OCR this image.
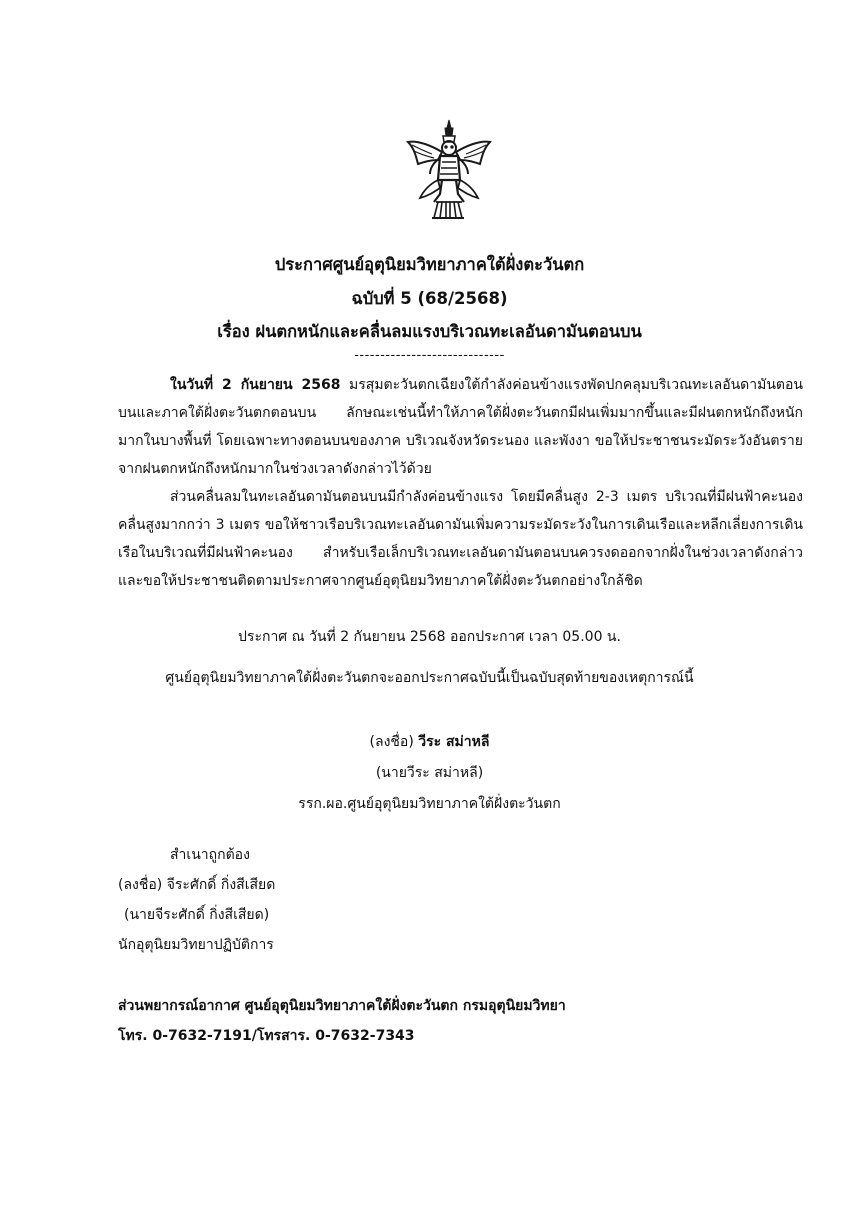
ประกาศศูนย์อุตุนิยมวิทยาภาคใต้ฝั่งตะวันตก
ฉบับที่ 5 (68/2568)
เรื่อง ฝนตกหนักและคลื่นลมแรงบริเวณทะเลอันดามันตอนบน
-----------------------------

ในวันที่ 2 กันยายน 2568 มรสุมตะวันตกเฉียงใต้กำลังค่อนข้างแรงพัดปกคลุมบริเวณทะเลอันดามันตอนบนและภาคใต้ฝั่งตะวันตกตอนบน ลักษณะเช่นนี้ทำให้ภาคใต้ฝั่งตะวันตกมีฝนเพิ่มมากขึ้นและมีฝนตกหนักถึงหนักมากในบางพื้นที่ โดยเฉพาะทางตอนบนของภาค บริเวณจังหวัดระนอง และพังงา ขอให้ประชาชนระมัดระวังอันตรายจากฝนตกหนักถึงหนักมากในช่วงเวลาดังกล่าวไว้ด้วย

ส่วนคลื่นลมในทะเลอันดามันตอนบนมีกำลังค่อนข้างแรง โดยมีคลื่นสูง 2-3 เมตร บริเวณที่มีฝนฟ้าคะนองคลื่นสูงมากกว่า 3 เมตร ขอให้ชาวเรือบริเวณทะเลอันดามันเพิ่มความระมัดระวังในการเดินเรือและหลีกเลี่ยงการเดินเรือในบริเวณที่มีฝนฟ้าคะนอง สำหรับเรือเล็กบริเวณทะเลอันดามันตอนบนควรงดออกจากฝั่งในช่วงเวลาดังกล่าว และขอให้ประชาชนติดตามประกาศจากศูนย์อุตุนิยมวิทยาภาคใต้ฝั่งตะวันตกอย่างใกล้ชิด

ประกาศ ณ วันที่ 2 กันยายน 2568 ออกประกาศ เวลา 05.00 น.
ศูนย์อุตุนิยมวิทยาภาคใต้ฝั่งตะวันตกจะออกประกาศฉบับนี้เป็นฉบับสุดท้ายของเหตุการณ์นี้
(ลงชื่อ) วีระ สม่าหลี
(นายวีระ สม่าหลี)
รรก.ผอ.ศูนย์อุตุนิยมวิทยาภาคใต้ฝั่งตะวันตก
สำเนาถูกต้อง
(ลงชื่อ) จีระศักดิ์ กิ่งสีเสียด
(นายจีระศักดิ์ กิ่งสีเสียด)
นักอุตุนิยมวิทยาปฏิบัติการ
ส่วนพยากรณ์อากาศ ศูนย์อุตุนิยมวิทยาภาคใต้ฝั่งตะวันตก กรมอุตุนิยมวิทยา
โทร. 0-7632-7191/โทรสาร. 0-7632-7343
